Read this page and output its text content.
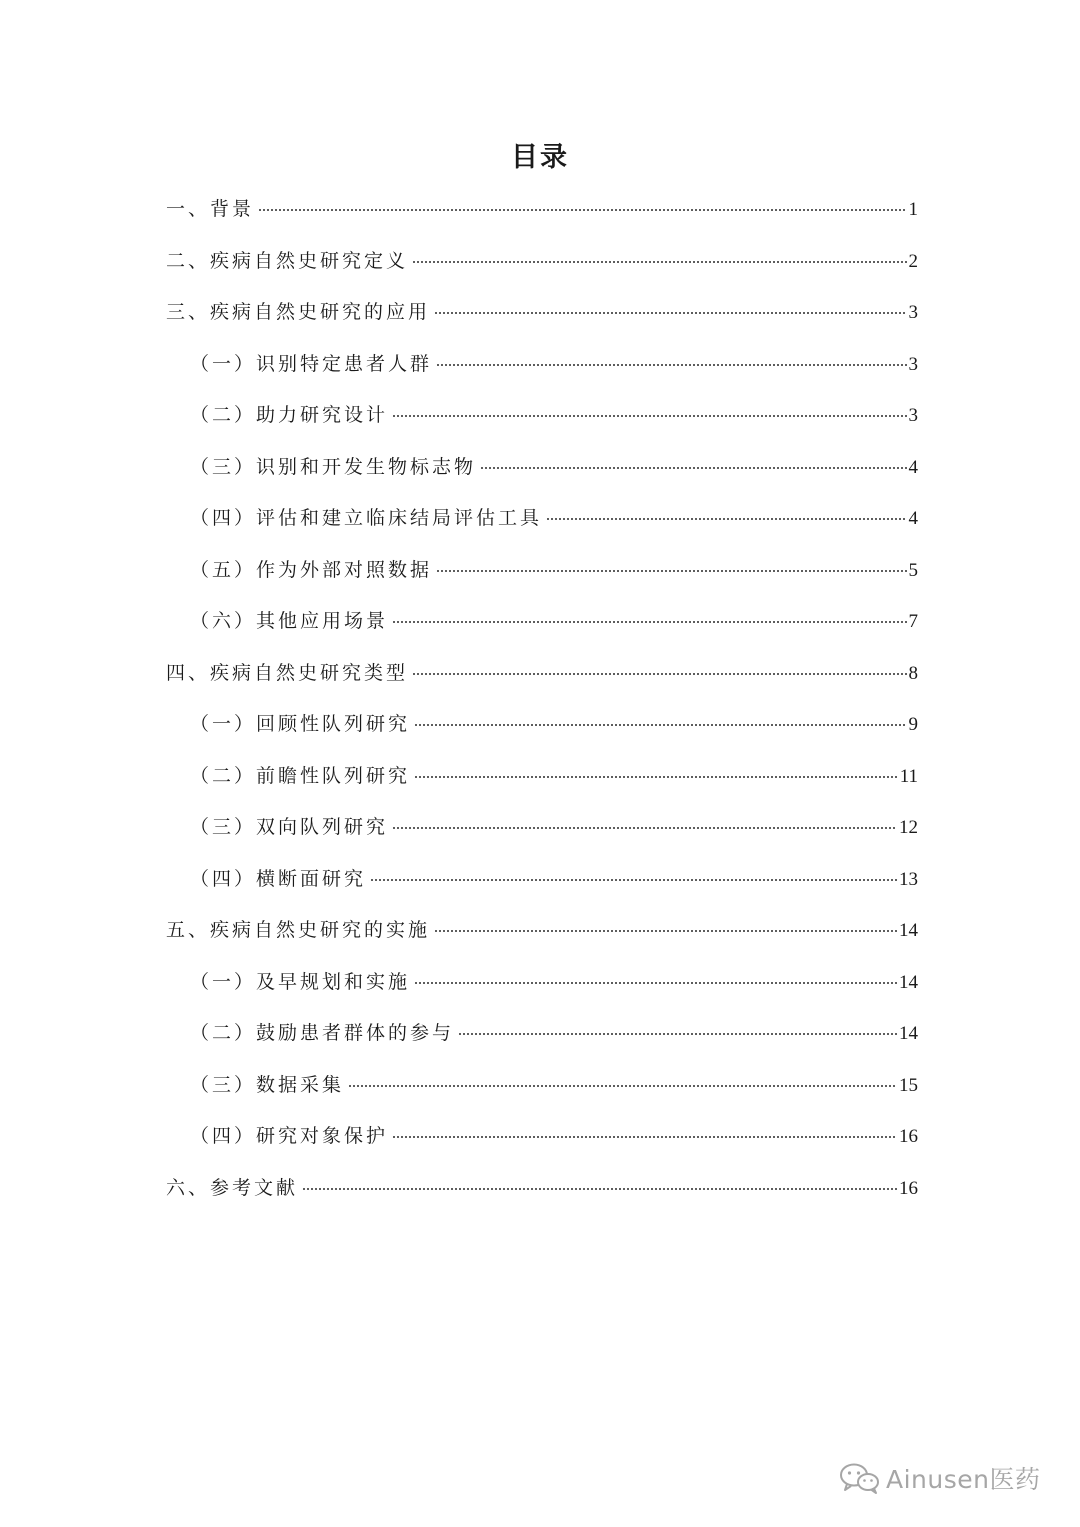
目录
一、背景	1
二、疾病自然史研究定义	2
三、疾病自然史研究的应用	3
（一）识别特定患者人群	3
（二）助力研究设计	3
（三）识别和开发生物标志物	4
（四）评估和建立临床结局评估工具	4
（五）作为外部对照数据	5
（六）其他应用场景	7
四、疾病自然史研究类型	8
（一）回顾性队列研究	9
（二）前瞻性队列研究	11
（三）双向队列研究	12
（四）横断面研究	13
五、疾病自然史研究的实施	14
（一）及早规划和实施	14
（二）鼓励患者群体的参与	14
（三）数据采集	15
（四）研究对象保护	16
六、参考文献	16
Ainusen医药
